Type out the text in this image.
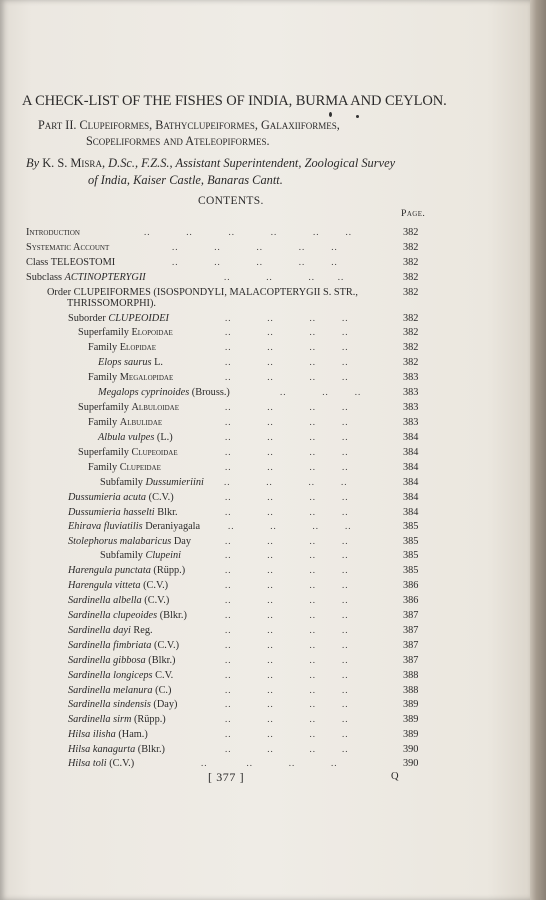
A CHECK-LIST OF THE FISHES OF INDIA, BURMA AND CEYLON.
Part II. Clupeiformes, Bathyclupeiformes, Galaxiiformes,
Scopeliformes and Ateleopiformes.
By K. S. Misra, D.Sc., F.Z.S., Assistant Superintendent, Zoological Survey
of India, Kaiser Castle, Banaras Cantt.
CONTENTS.
Page.
Introduction	..           ..           ..           ..           ..        ..	382
Systematic Account	..           ..           ..           ..        ..	382
Class TELEOSTOMI	..           ..           ..           ..        ..	382
Subclass ACTINOPTERYGII	..           ..           ..       ..	382
Order CLUPEIFORMES (ISOSPONDYLI, MALACOPTERYGII S. STR.,
THRISSOMORPHI).
382
Suborder CLUPEOIDEI	..           ..           ..        ..	382
Superfamily Elopoidae	..           ..           ..        ..	382
Family Elopidae	..           ..           ..        ..	382
Elops saurus L.	..           ..           ..        ..	382
Family Megalopidae	..           ..           ..        ..	383
Megalops cyprinoides (Brouss.)	..           ..        ..	383
Superfamily Albuloidae	..           ..           ..        ..	383
Family Albulidae	..           ..           ..        ..	383
Albula vulpes (L.)	..           ..           ..        ..	384
Superfamily Clupeoidae	..           ..           ..        ..	384
Family Clupeidae	..           ..           ..        ..	384
Subfamily Dussumieriini ..           ..           ..        ..	384
Dussumieria acuta (C.V.)	..           ..           ..        ..	384
Dussumieria hasselti Blkr.	..           ..           ..        ..	384
Ehirava fluviatilis Deraniyagala	..           ..           ..        ..	385
Stolephorus malabaricus Day	..           ..           ..        ..	385
Subfamily Clupeini	..           ..           ..        ..	385
Harengula punctata (Rüpp.)	..           ..           ..        ..	385
Harengula vitteta (C.V.)	..           ..           ..        ..	386
Sardinella albella (C.V.)	..           ..           ..        ..	386
Sardinella clupeoides (Blkr.)	..           ..           ..        ..	387
Sardinella dayi Reg.	..           ..           ..        ..	387
Sardinella fimbriata (C.V.)	..           ..           ..        ..	387
Sardinella gibbosa (Blkr.)	..           ..           ..        ..	387
Sardinella longiceps C.V.	..           ..           ..        ..	388
Sardinella melanura (C.)	..           ..           ..        ..	388
Sardinella sindensis (Day)	..           ..           ..        ..	389
Sardinella sirm (Rüpp.)	..           ..           ..        ..	389
Hilsa ilisha (Ham.)	..           ..           ..        ..	389
Hilsa kanagurta (Blkr.)	..           ..           ..        ..	390
Hilsa toli (C.V.)	..            ..           ..           ..	390
[ 377 ]	Q
